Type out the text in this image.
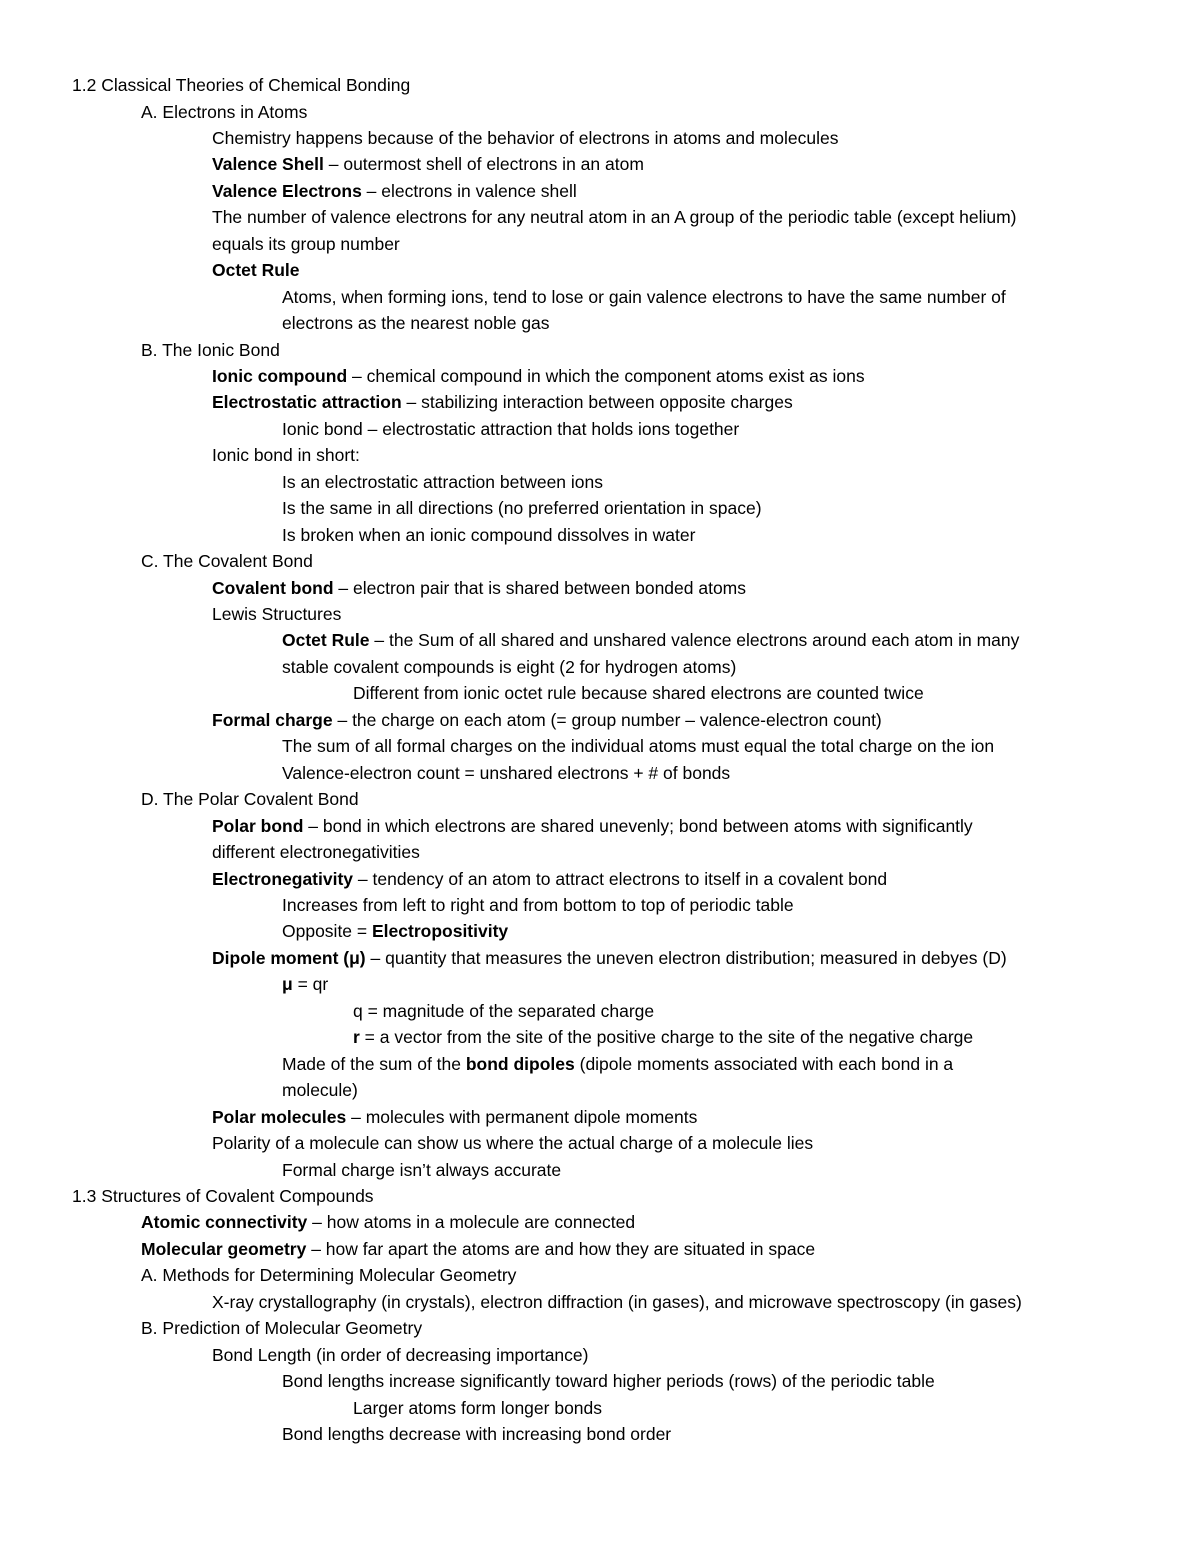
1.2 Classical Theories of Chemical Bonding
A. Electrons in Atoms
Chemistry happens because of the behavior of electrons in atoms and molecules
Valence Shell – outermost shell of electrons in an atom
Valence Electrons – electrons in valence shell
The number of valence electrons for any neutral atom in an A group of the periodic table (except helium)
equals its group number
Octet Rule
Atoms, when forming ions, tend to lose or gain valence electrons to have the same number of
electrons as the nearest noble gas
B. The Ionic Bond
Ionic compound – chemical compound in which the component atoms exist as ions
Electrostatic attraction – stabilizing interaction between opposite charges
Ionic bond – electrostatic attraction that holds ions together
Ionic bond in short:
Is an electrostatic attraction between ions
Is the same in all directions (no preferred orientation in space)
Is broken when an ionic compound dissolves in water
C. The Covalent Bond
Covalent bond – electron pair that is shared between bonded atoms
Lewis Structures
Octet Rule – the Sum of all shared and unshared valence electrons around each atom in many
stable covalent compounds is eight (2 for hydrogen atoms)
Different from ionic octet rule because shared electrons are counted twice
Formal charge – the charge on each atom (= group number – valence-electron count)
The sum of all formal charges on the individual atoms must equal the total charge on the ion
Valence-electron count = unshared electrons + # of bonds
D. The Polar Covalent Bond
Polar bond – bond in which electrons are shared unevenly; bond between atoms with significantly
different electronegativities
Electronegativity – tendency of an atom to attract electrons to itself in a covalent bond
Increases from left to right and from bottom to top of periodic table
Opposite = Electropositivity
Dipole moment (μ) – quantity that measures the uneven electron distribution; measured in debyes (D)
μ = qr
q = magnitude of the separated charge
r = a vector from the site of the positive charge to the site of the negative charge
Made of the sum of the bond dipoles (dipole moments associated with each bond in a
molecule)
Polar molecules – molecules with permanent dipole moments
Polarity of a molecule can show us where the actual charge of a molecule lies
Formal charge isn’t always accurate
1.3 Structures of Covalent Compounds
Atomic connectivity – how atoms in a molecule are connected
Molecular geometry – how far apart the atoms are and how they are situated in space
A. Methods for Determining Molecular Geometry
X-ray crystallography (in crystals), electron diffraction (in gases), and microwave spectroscopy (in gases)
B. Prediction of Molecular Geometry
Bond Length (in order of decreasing importance)
Bond lengths increase significantly toward higher periods (rows) of the periodic table
Larger atoms form longer bonds
Bond lengths decrease with increasing bond order
